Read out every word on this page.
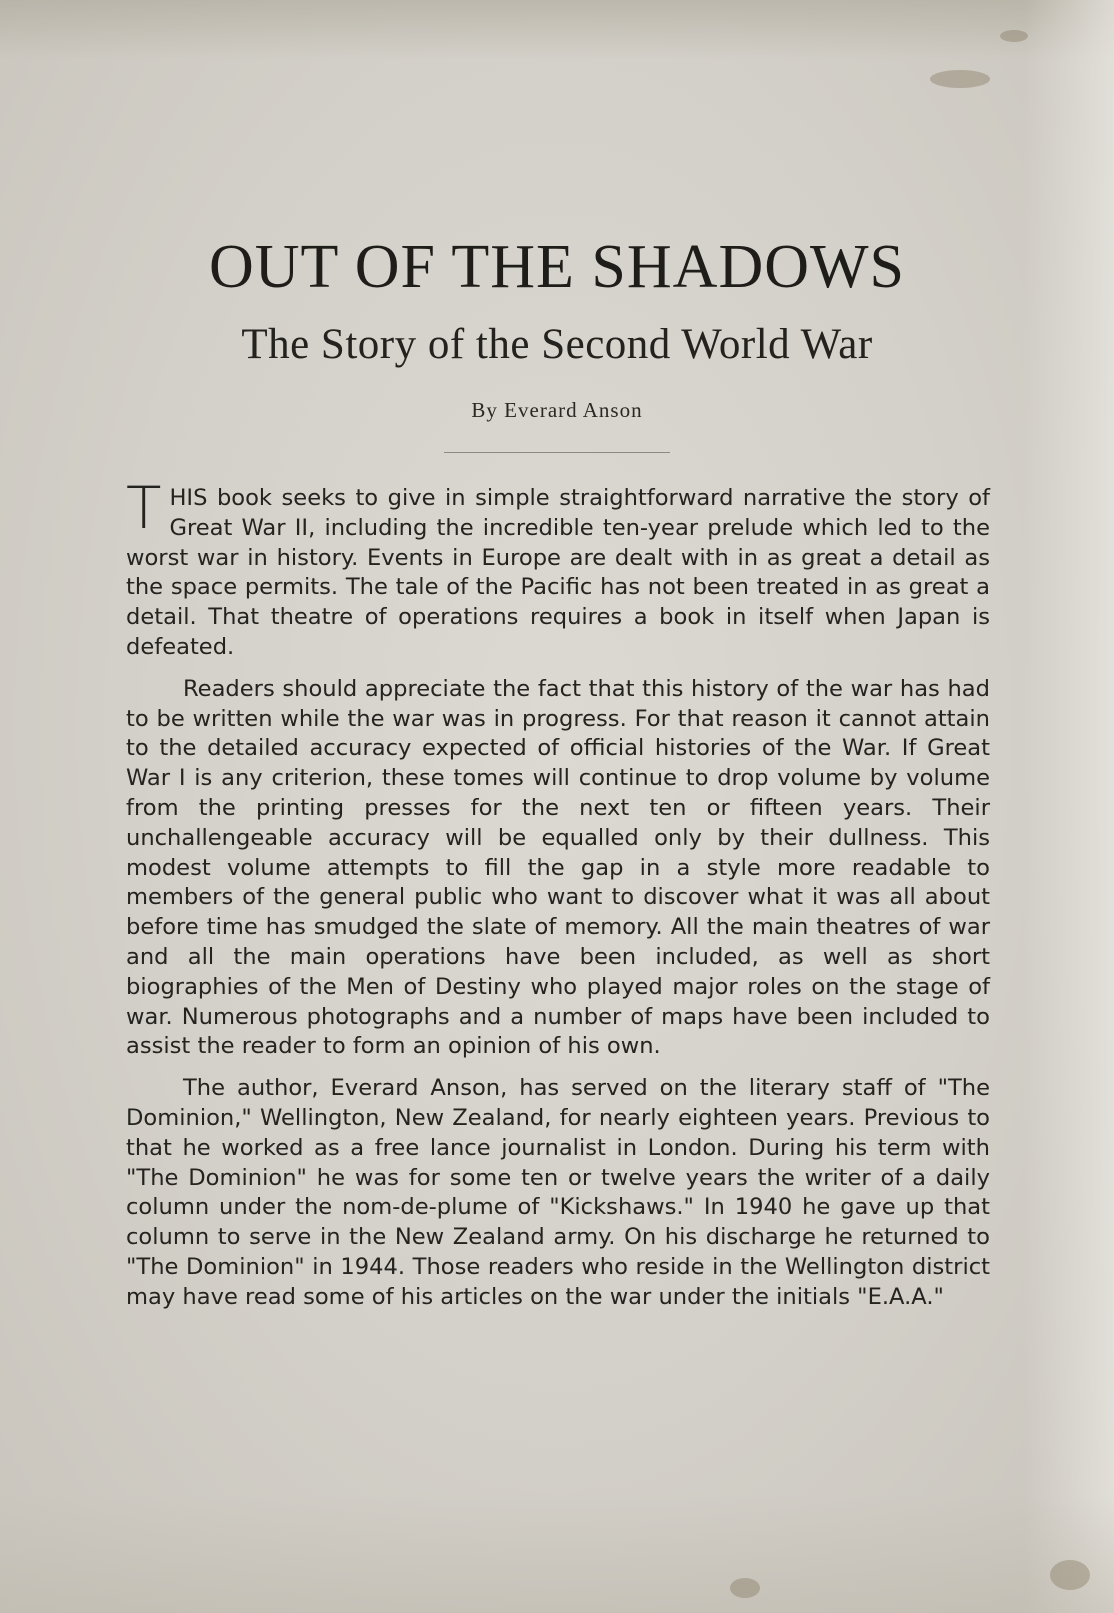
OUT OF THE SHADOWS
The Story of the Second World War
By Everard Anson

THIS book seeks to give in simple straightforward narrative the story of Great War II, including the incredible ten-year prelude which led to the worst war in history. Events in Europe are dealt with in as great a detail as the space permits. The tale of the Pacific has not been treated in as great a detail. That theatre of operations requires a book in itself when Japan is defeated.

Readers should appreciate the fact that this history of the war has had to be written while the war was in progress. For that reason it cannot attain to the detailed accuracy expected of official histories of the War. If Great War I is any criterion, these tomes will continue to drop volume by volume from the printing presses for the next ten or fifteen years. Their unchallengeable accuracy will be equalled only by their dullness. This modest volume attempts to fill the gap in a style more readable to members of the general public who want to discover what it was all about before time has smudged the slate of memory. All the main theatres of war and all the main operations have been included, as well as short biographies of the Men of Destiny who played major roles on the stage of war. Numerous photographs and a number of maps have been included to assist the reader to form an opinion of his own.

The author, Everard Anson, has served on the literary staff of "The Dominion," Wellington, New Zealand, for nearly eighteen years. Previous to that he worked as a free lance journalist in London. During his term with "The Dominion" he was for some ten or twelve years the writer of a daily column under the nom-de-plume of "Kickshaws." In 1940 he gave up that column to serve in the New Zealand army. On his discharge he returned to "The Dominion" in 1944. Those readers who reside in the Wellington district may have read some of his articles on the war under the initials "E.A.A."
